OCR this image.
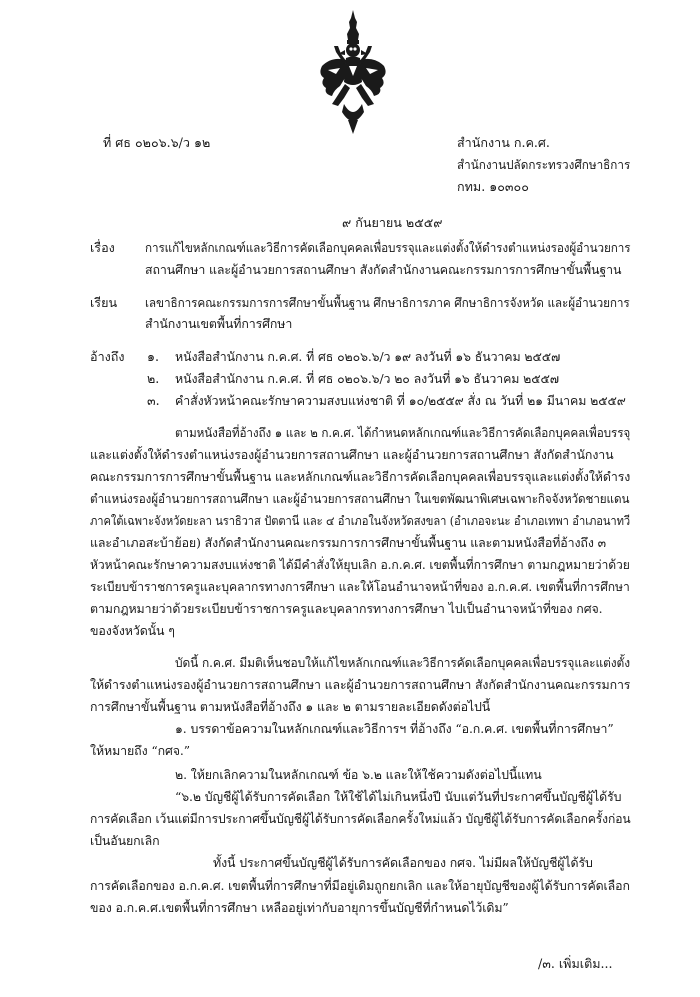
ที่ ศธ ๐๒๐๖.๖/ว ๑๒	สำนักงาน ก.ค.ศ.
สำนักงานปลัดกระทรวงศึกษาธิการ
กทม. ๑๐๓๐๐
๙ กันยายน ๒๕๕๙
เรื่อง การแก้ไขหลักเกณฑ์และวิธีการคัดเลือกบุคคลเพื่อบรรจุและแต่งตั้งให้ดำรงตำแหน่งรองผู้อำนวยการ
สถานศึกษา และผู้อำนวยการสถานศึกษา สังกัดสำนักงานคณะกรรมการการศึกษาขั้นพื้นฐาน
เรียน เลขาธิการคณะกรรมการการศึกษาขั้นพื้นฐาน ศึกษาธิการภาค ศึกษาธิการจังหวัด และผู้อำนวยการ
สำนักงานเขตพื้นที่การศึกษา
อ้างถึง ๑. หนังสือสำนักงาน ก.ค.ศ. ที่ ศธ ๐๒๐๖.๖/ว ๑๙ ลงวันที่ ๑๖ ธันวาคม ๒๕๕๗
๒. หนังสือสำนักงาน ก.ค.ศ. ที่ ศธ ๐๒๐๖.๖/ว ๒๐ ลงวันที่ ๑๖ ธันวาคม ๒๕๕๗
๓. คำสั่งหัวหน้าคณะรักษาความสงบแห่งชาติ ที่ ๑๐/๒๕๕๙ สั่ง ณ วันที่ ๒๑ มีนาคม ๒๕๕๙
ตามหนังสือที่อ้างถึง ๑ และ ๒ ก.ค.ศ. ได้กำหนดหลักเกณฑ์และวิธีการคัดเลือกบุคคลเพื่อบรรจุ
และแต่งตั้งให้ดำรงตำแหน่งรองผู้อำนวยการสถานศึกษา และผู้อำนวยการสถานศึกษา สังกัดสำนักงาน
คณะกรรมการการศึกษาขั้นพื้นฐาน และหลักเกณฑ์และวิธีการคัดเลือกบุคคลเพื่อบรรจุและแต่งตั้งให้ดำรง
ตำแหน่งรองผู้อำนวยการสถานศึกษา และผู้อำนวยการสถานศึกษา ในเขตพัฒนาพิเศษเฉพาะกิจจังหวัดชายแดน
ภาคใต้เฉพาะจังหวัดยะลา นราธิวาส ปัตตานี และ ๔ อำเภอในจังหวัดสงขลา (อำเภอจะนะ อำเภอเทพา อำเภอนาทวี
และอำเภอสะบ้าย้อย) สังกัดสำนักงานคณะกรรมการการศึกษาขั้นพื้นฐาน และตามหนังสือที่อ้างถึง ๓
หัวหน้าคณะรักษาความสงบแห่งชาติ ได้มีคำสั่งให้ยุบเลิก อ.ก.ค.ศ. เขตพื้นที่การศึกษา ตามกฎหมายว่าด้วย
ระเบียบข้าราชการครูและบุคลากรทางการศึกษา และให้โอนอำนาจหน้าที่ของ อ.ก.ค.ศ. เขตพื้นที่การศึกษา
ตามกฎหมายว่าด้วยระเบียบข้าราชการครูและบุคลากรทางการศึกษา ไปเป็นอำนาจหน้าที่ของ กศจ.
ของจังหวัดนั้น ๆ
บัดนี้ ก.ค.ศ. มีมติเห็นชอบให้แก้ไขหลักเกณฑ์และวิธีการคัดเลือกบุคคลเพื่อบรรจุและแต่งตั้ง
ให้ดำรงตำแหน่งรองผู้อำนวยการสถานศึกษา และผู้อำนวยการสถานศึกษา สังกัดสำนักงานคณะกรรมการ
การศึกษาขั้นพื้นฐาน ตามหนังสือที่อ้างถึง ๑ และ ๒ ตามรายละเอียดดังต่อไปนี้
๑. บรรดาข้อความในหลักเกณฑ์และวิธีการฯ ที่อ้างถึง “อ.ก.ค.ศ. เขตพื้นที่การศึกษา”
ให้หมายถึง “กศจ.”
๒. ให้ยกเลิกความในหลักเกณฑ์ ข้อ ๖.๒ และให้ใช้ความดังต่อไปนี้แทน
“๖.๒ บัญชีผู้ได้รับการคัดเลือก ให้ใช้ได้ไม่เกินหนึ่งปี นับแต่วันที่ประกาศขึ้นบัญชีผู้ได้รับ
การคัดเลือก เว้นแต่มีการประกาศขึ้นบัญชีผู้ได้รับการคัดเลือกครั้งใหม่แล้ว บัญชีผู้ได้รับการคัดเลือกครั้งก่อน
เป็นอันยกเลิก
ทั้งนี้ ประกาศขึ้นบัญชีผู้ได้รับการคัดเลือกของ กศจ. ไม่มีผลให้บัญชีผู้ได้รับ
การคัดเลือกของ อ.ก.ค.ศ. เขตพื้นที่การศึกษาที่มีอยู่เดิมถูกยกเลิก และให้อายุบัญชีของผู้ได้รับการคัดเลือก
ของ อ.ก.ค.ศ.เขตพื้นที่การศึกษา เหลืออยู่เท่ากับอายุการขึ้นบัญชีที่กำหนดไว้เดิม”
/๓. เพิ่มเติม...
